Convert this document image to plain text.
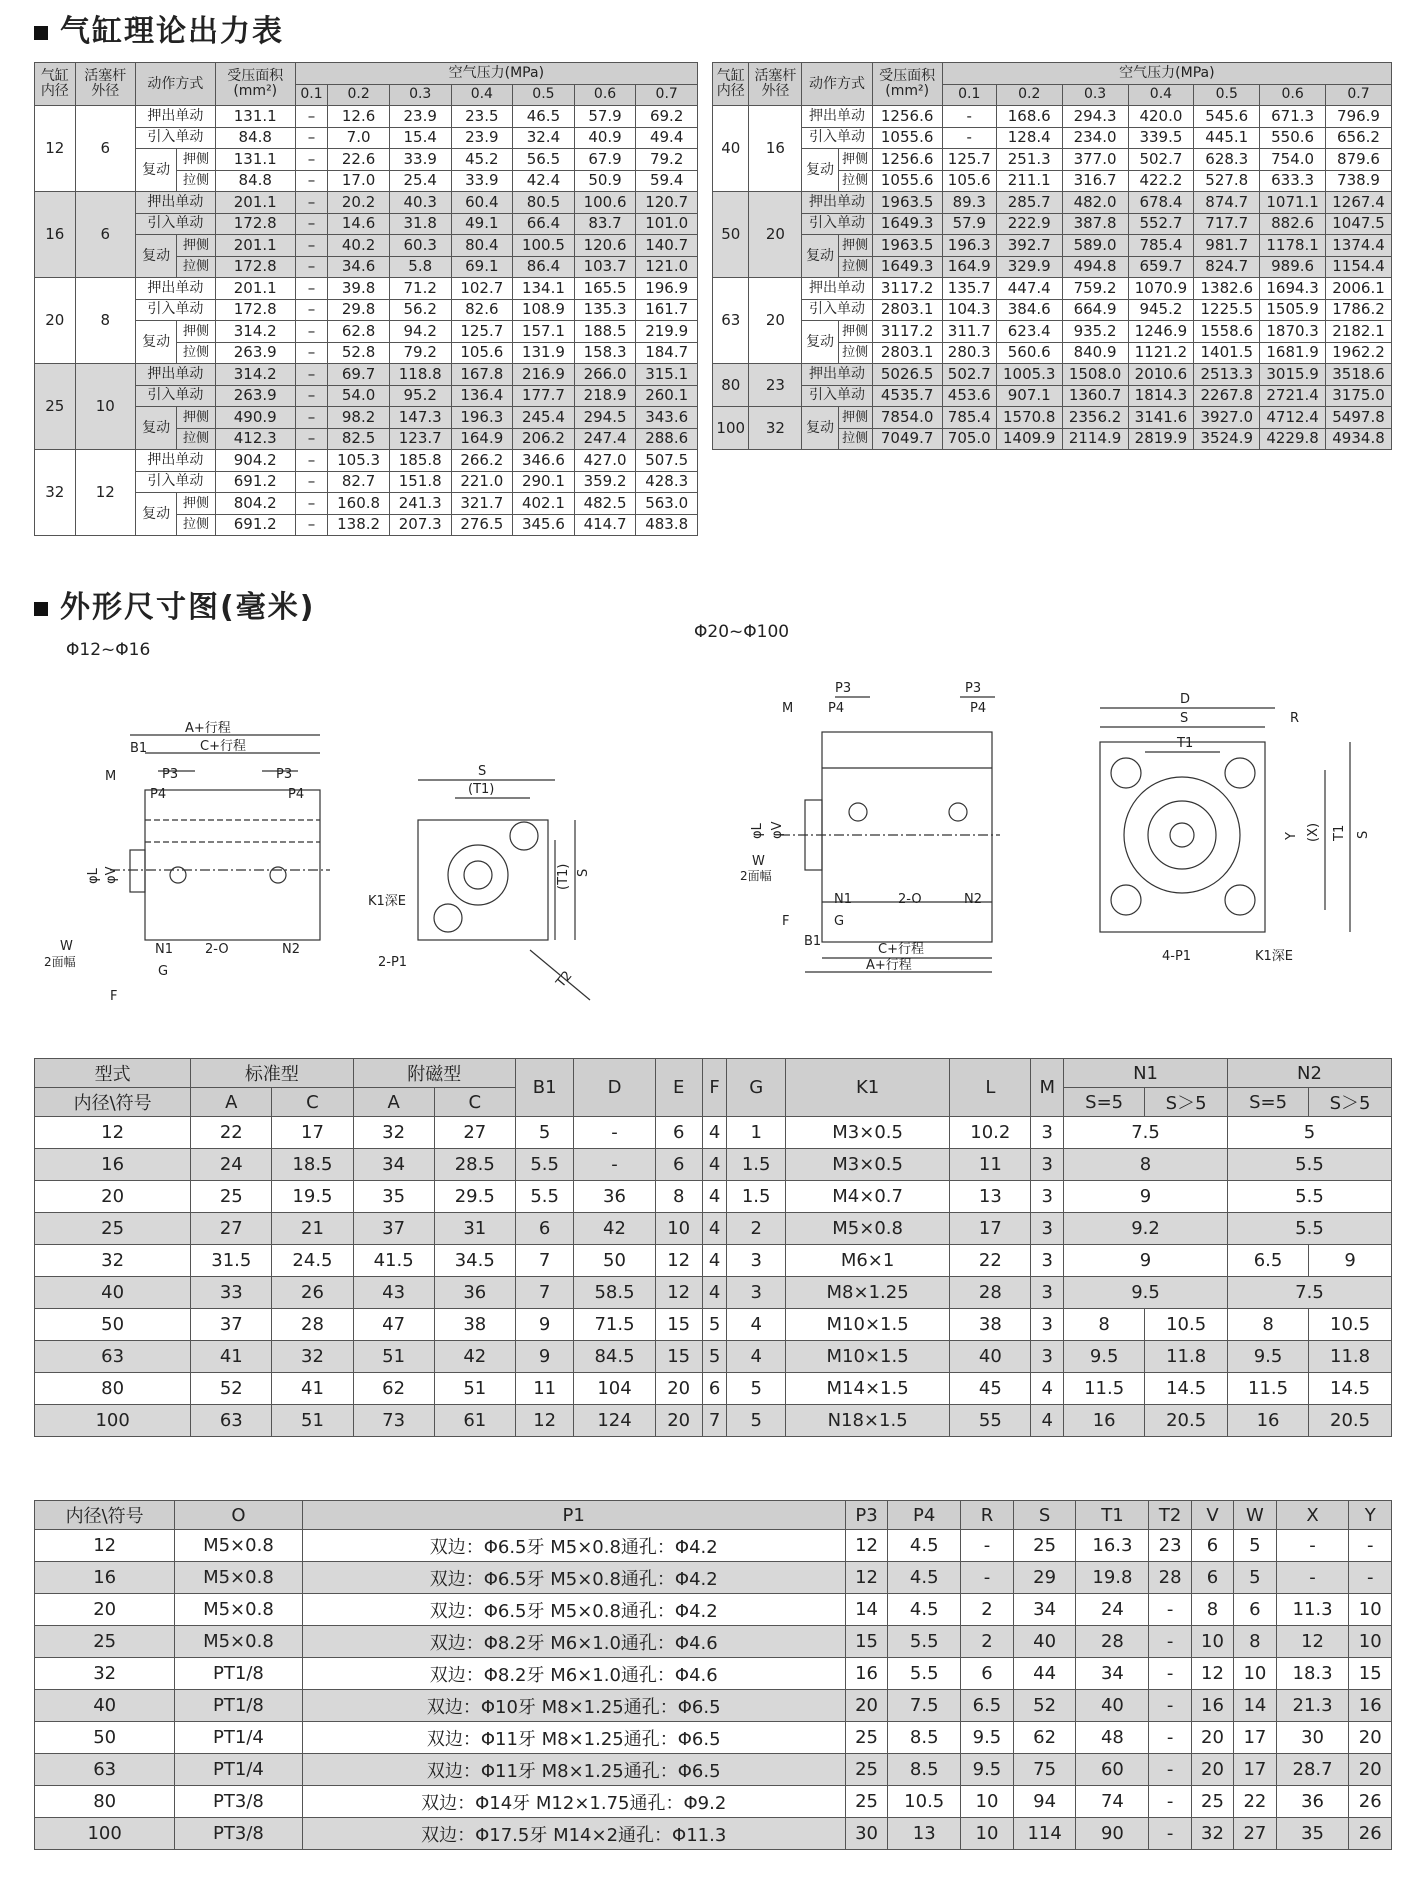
气缸理论出力表
气缸
内径	活塞杆
外径	动作方式		受压面积
(mm²)	空气压力(MPa)						
					0.1	0.2	0.3	0.4	0.5	0.6	0.7
12	6	押出单动		131.1	–	12.6	23.9	23.5	46.5	57.9	69.2
		引入单动		84.8	–	7.0	15.4	23.9	32.4	40.9	49.4
		复动	押侧	131.1	–	22.6	33.9	45.2	56.5	67.9	79.2
			拉侧	84.8	–	17.0	25.4	33.9	42.4	50.9	59.4
16	6	押出单动		201.1	–	20.2	40.3	60.4	80.5	100.6	120.7
		引入单动		172.8	–	14.6	31.8	49.1	66.4	83.7	101.0
		复动	押侧	201.1	–	40.2	60.3	80.4	100.5	120.6	140.7
			拉侧	172.8	–	34.6	5.8	69.1	86.4	103.7	121.0
20	8	押出单动		201.1	–	39.8	71.2	102.7	134.1	165.5	196.9
		引入单动		172.8	–	29.8	56.2	82.6	108.9	135.3	161.7
		复动	押侧	314.2	–	62.8	94.2	125.7	157.1	188.5	219.9
			拉侧	263.9	–	52.8	79.2	105.6	131.9	158.3	184.7
25	10	押出单动		314.2	–	69.7	118.8	167.8	216.9	266.0	315.1
		引入单动		263.9	–	54.0	95.2	136.4	177.7	218.9	260.1
		复动	押侧	490.9	–	98.2	147.3	196.3	245.4	294.5	343.6
			拉侧	412.3	–	82.5	123.7	164.9	206.2	247.4	288.6
32	12	押出单动		904.2	–	105.3	185.8	266.2	346.6	427.0	507.5
		引入单动		691.2	–	82.7	151.8	221.0	290.1	359.2	428.3
		复动	押侧	804.2	–	160.8	241.3	321.7	402.1	482.5	563.0
			拉侧	691.2	–	138.2	207.3	276.5	345.6	414.7	483.8
气缸
内径	活塞杆
外径	动作方式		受压面积
(mm²)	空气压力(MPa)						
					0.1	0.2	0.3	0.4	0.5	0.6	0.7
40	16	押出单动		1256.6	-	168.6	294.3	420.0	545.6	671.3	796.9
		引入单动		1055.6	-	128.4	234.0	339.5	445.1	550.6	656.2
		复动	押侧	1256.6	125.7	251.3	377.0	502.7	628.3	754.0	879.6
			拉侧	1055.6	105.6	211.1	316.7	422.2	527.8	633.3	738.9
50	20	押出单动		1963.5	89.3	285.7	482.0	678.4	874.7	1071.1	1267.4
		引入单动		1649.3	57.9	222.9	387.8	552.7	717.7	882.6	1047.5
		复动	押侧	1963.5	196.3	392.7	589.0	785.4	981.7	1178.1	1374.4
			拉侧	1649.3	164.9	329.9	494.8	659.7	824.7	989.6	1154.4
63	20	押出单动		3117.2	135.7	447.4	759.2	1070.9	1382.6	1694.3	2006.1
		引入单动		2803.1	104.3	384.6	664.9	945.2	1225.5	1505.9	1786.2
		复动	押侧	3117.2	311.7	623.4	935.2	1246.9	1558.6	1870.3	2182.1
			拉侧	2803.1	280.3	560.6	840.9	1121.2	1401.5	1681.9	1962.2
80	23	押出单动		5026.5	502.7	1005.3	1508.0	2010.6	2513.3	3015.9	3518.6
		引入单动		4535.7	453.6	907.1	1360.7	1814.3	2267.8	2721.4	3175.0
100	32	复动	押侧	7854.0	785.4	1570.8	2356.2	3141.6	3927.0	4712.4	5497.8
			拉侧	7049.7	705.0	1409.9	2114.9	2819.9	3524.9	4229.8	4934.8
外形尺寸图(毫米)
Φ12~Φ16
Φ20~Φ100
A+行程
C+行程
B1
M	P3
P4
P3
P4
φL φV
W
2面幅
N1 2-O	N2
G
F
S
(T1)
(T1) S
T2
K1深E
2-P1
P3	P3
M	P4	P4
φL φV
W
2面幅
N1	2-O	N2
F	G
B1
C+行程
A+行程
D
S	R
T1
Y (X) T1 S
4-P1	K1深E
型式	标准型		附磁型		B1	D	E	F	G	K1	L	M	N1		N2	
内径\符号	A	C	A	C									S=5	S＞5	S=5	S＞5
12	22	17	32	27	5	-	6	4	1	M3×0.5	10.2	3	7.5		5	
16	24	18.5	34	28.5	5.5	-	6	4	1.5	M3×0.5	11	3	8		5.5	
20	25	19.5	35	29.5	5.5	36	8	4	1.5	M4×0.7	13	3	9		5.5	
25	27	21	37	31	6	42	10	4	2	M5×0.8	17	3	9.2		5.5	
32	31.5	24.5	41.5	34.5	7	50	12	4	3	M6×1	22	3	9		6.5	9
40	33	26	43	36	7	58.5	12	4	3	M8×1.25	28	3	9.5		7.5	
50	37	28	47	38	9	71.5	15	5	4	M10×1.5	38	3	8	10.5	8	10.5
63	41	32	51	42	9	84.5	15	5	4	M10×1.5	40	3	9.5	11.8	9.5	11.8
80	52	41	62	51	11	104	20	6	5	M14×1.5	45	4	11.5	14.5	11.5	14.5
100	63	51	73	61	12	124	20	7	5	N18×1.5	55	4	16	20.5	16	20.5
内径\符号	O	P1	P3	P4	R	S	T1	T2	V	W	X	Y
12	M5×0.8	双边：Φ6.5牙 M5×0.8通孔：Φ4.2	12	4.5	-	25	16.3	23	6	5	-	-
16	M5×0.8	双边：Φ6.5牙 M5×0.8通孔：Φ4.2	12	4.5	-	29	19.8	28	6	5	-	-
20	M5×0.8	双边：Φ6.5牙 M5×0.8通孔：Φ4.2	14	4.5	2	34	24	-	8	6	11.3	10
25	M5×0.8	双边：Φ8.2牙 M6×1.0通孔：Φ4.6	15	5.5	2	40	28	-	10	8	12	10
32	PT1/8	双边：Φ8.2牙 M6×1.0通孔：Φ4.6	16	5.5	6	44	34	-	12	10	18.3	15
40	PT1/8	双边：Φ10牙 M8×1.25通孔：Φ6.5	20	7.5	6.5	52	40	-	16	14	21.3	16
50	PT1/4	双边：Φ11牙 M8×1.25通孔：Φ6.5	25	8.5	9.5	62	48	-	20	17	30	20
63	PT1/4	双边：Φ11牙 M8×1.25通孔：Φ6.5	25	8.5	9.5	75	60	-	20	17	28.7	20
80	PT3/8	双边：Φ14牙 M12×1.75通孔：Φ9.2	25	10.5	10	94	74	-	25	22	36	26
100	PT3/8	双边：Φ17.5牙 M14×2通孔：Φ11.3	30	13	10	114	90	-	32	27	35	26
